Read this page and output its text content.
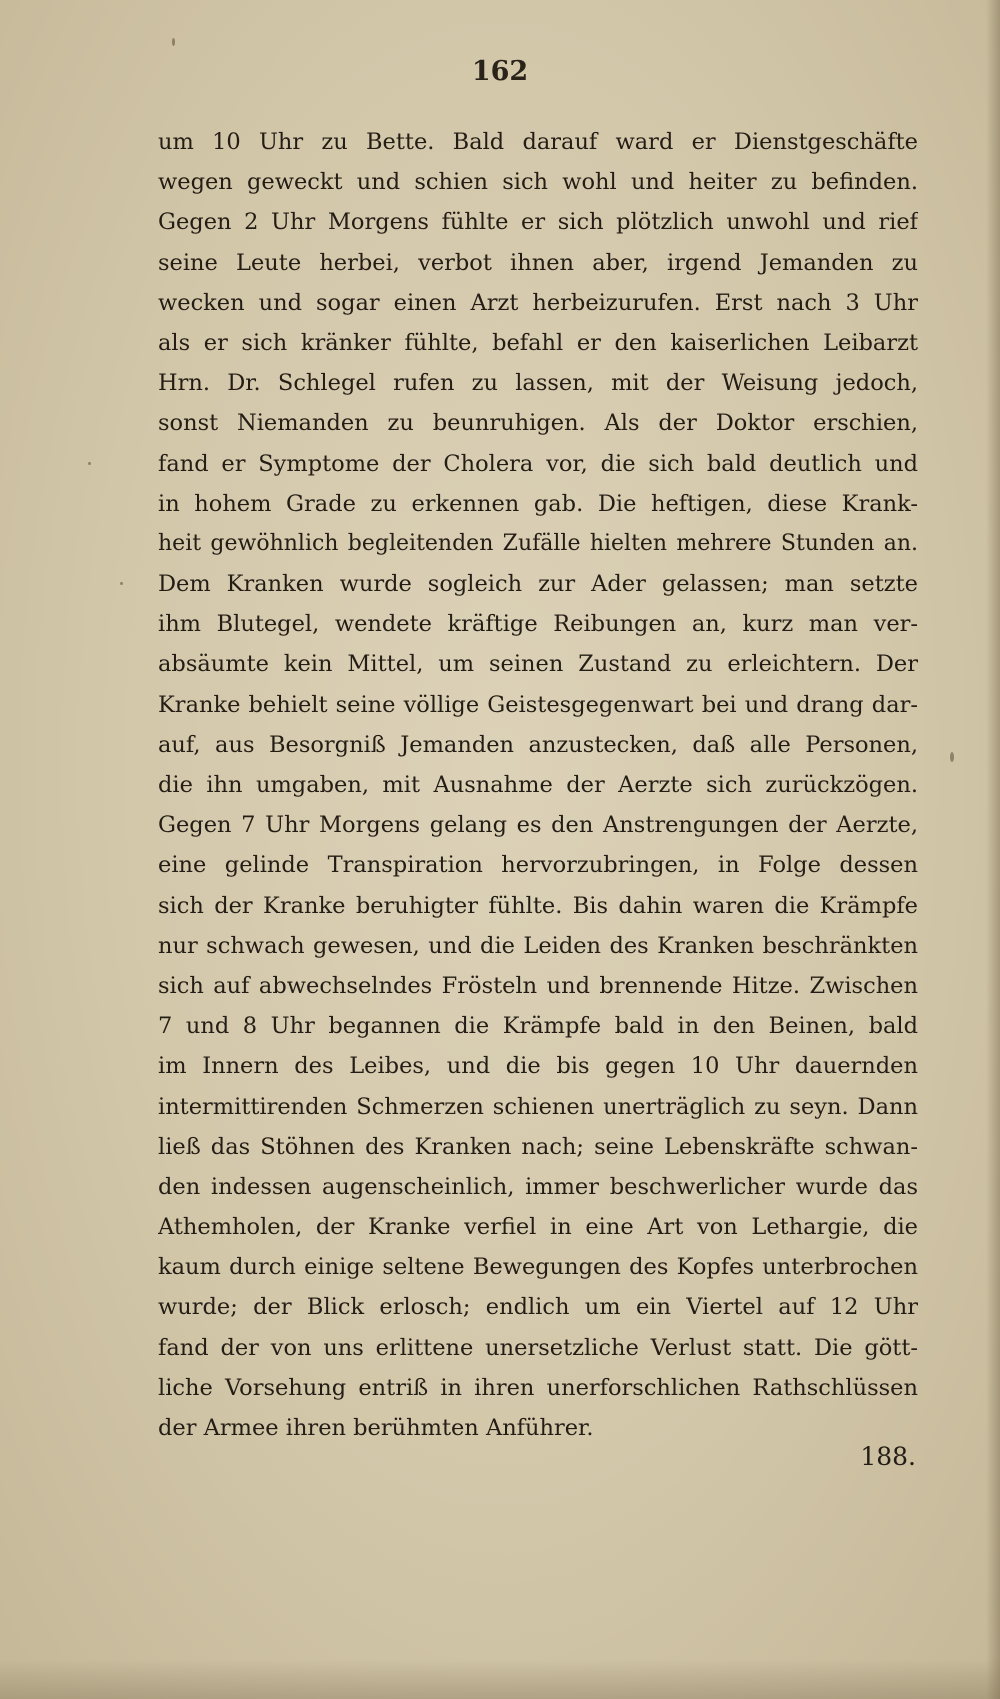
162
um 10 Uhr zu Bette. Bald darauf ward er Dienstgeschäfte
wegen geweckt und schien sich wohl und heiter zu befinden.
Gegen 2 Uhr Morgens fühlte er sich plötzlich unwohl und rief
seine Leute herbei, verbot ihnen aber, irgend Jemanden zu
wecken und sogar einen Arzt herbeizurufen. Erst nach 3 Uhr
als er sich kränker fühlte, befahl er den kaiserlichen Leibarzt
Hrn. Dr. Schlegel rufen zu lassen, mit der Weisung jedoch,
sonst Niemanden zu beunruhigen. Als der Doktor erschien,
fand er Symptome der Cholera vor, die sich bald deutlich und
in hohem Grade zu erkennen gab. Die heftigen, diese Krank-
heit gewöhnlich begleitenden Zufälle hielten mehrere Stunden an.
Dem Kranken wurde sogleich zur Ader gelassen; man setzte
ihm Blutegel, wendete kräftige Reibungen an, kurz man ver-
absäumte kein Mittel, um seinen Zustand zu erleichtern. Der
Kranke behielt seine völlige Geistesgegenwart bei und drang dar-
auf, aus Besorgniß Jemanden anzustecken, daß alle Personen,
die ihn umgaben, mit Ausnahme der Aerzte sich zurückzögen.
Gegen 7 Uhr Morgens gelang es den Anstrengungen der Aerzte,
eine gelinde Transpiration hervorzubringen, in Folge dessen
sich der Kranke beruhigter fühlte. Bis dahin waren die Krämpfe
nur schwach gewesen, und die Leiden des Kranken beschränkten
sich auf abwechselndes Frösteln und brennende Hitze. Zwischen
7 und 8 Uhr begannen die Krämpfe bald in den Beinen, bald
im Innern des Leibes, und die bis gegen 10 Uhr dauernden
intermittirenden Schmerzen schienen unerträglich zu seyn. Dann
ließ das Stöhnen des Kranken nach; seine Lebenskräfte schwan-
den indessen augenscheinlich, immer beschwerlicher wurde das
Athemholen, der Kranke verfiel in eine Art von Lethargie, die
kaum durch einige seltene Bewegungen des Kopfes unterbrochen
wurde; der Blick erlosch; endlich um ein Viertel auf 12 Uhr
fand der von uns erlittene unersetzliche Verlust statt. Die gött-
liche Vorsehung entriß in ihren unerforschlichen Rathschlüssen
der Armee ihren berühmten Anführer.
188.
